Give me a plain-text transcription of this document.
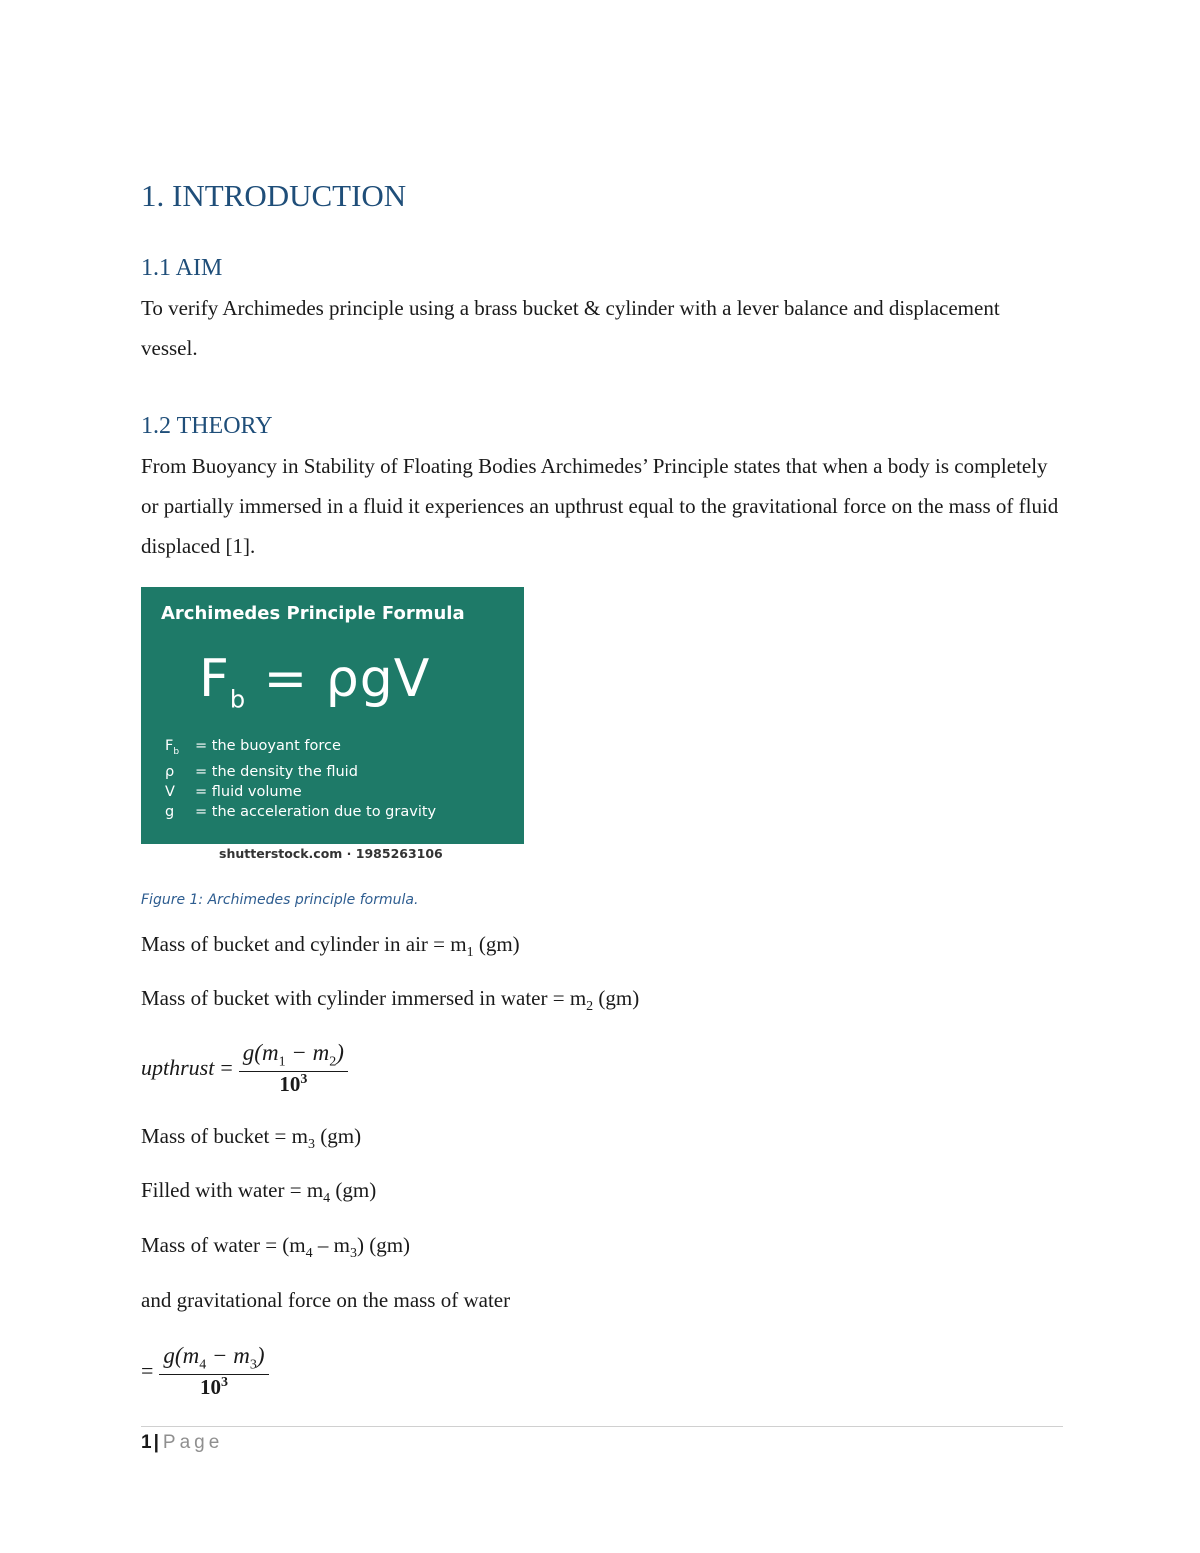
1. INTRODUCTION
1.1 AIM

To verify Archimedes principle using a brass bucket & cylinder with a lever balance and displacement vessel.

1.2 THEORY

From Buoyancy in Stability of Floating Bodies Archimedes’ Principle states that when a body is completely or partially immersed in a fluid it experiences an upthrust equal to the gravitational force on the mass of fluid displaced [1].

Archimedes Principle Formula
$F_b = \rho gV$
$F_b$	= the buoyant force
ρ	= the density the fluid
V	= fluid volume
g	= the acceleration due to gravity
shutterstock.com · 1985263106
Figure 1: Archimedes principle formula.

Mass of bucket and cylinder in air = $m_1$ (gm)

Mass of bucket with cylinder immersed in water = $m_2$ (gm)

upthrust = $\frac{g(m_1 - m_2)}{10^3}$

Mass of bucket = $m_3$ (gm)

Filled with water = $m_4$ (gm)

Mass of water = $(m_4 - m_3)$ (gm)

and gravitational force on the mass of water

= $\frac{g(m_4 - m_3)}{10^3}$
1 | Page
